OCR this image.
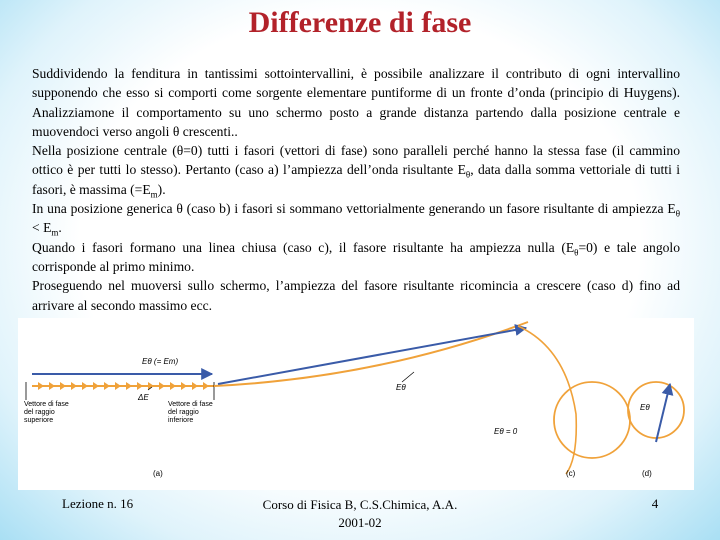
Differenze di fase

Suddividendo la fenditura in tantissimi sottointervallini, è possibile analizzare il contributo di ogni intervallino supponendo che esso si comporti come sorgente elementare puntiforme di un fronte d’onda (principio di Huygens). Analizziamone il comportamento su uno schermo posto a grande distanza partendo dalla posizione centrale e muovendoci verso angoli θ crescenti..

Nella posizione centrale (θ=0) tutti i fasori (vettori di fase) sono paralleli perché hanno la stessa fase (il cammino ottico è per tutti lo stesso). Pertanto (caso a) l’ampiezza dell’onda risultante $E_\theta$, data dalla somma vettoriale di tutti i fasori, è massima $(=E_m)$.

In una posizione generica θ (caso b) i fasori si sommano vettorialmente generando un fasore risultante di ampiezza $E_\theta < E_m$.

Quando i fasori formano una linea chiusa (caso c), il fasore risultante ha ampiezza nulla $(E_\theta=0)$ e tale angolo corrisponde al primo minimo.

Proseguendo nel muoversi sullo schermo, l’ampiezza del fasore risultante ricomincia a crescere (caso d) fino ad arrivare al secondo massimo ecc.

Eθ (= Em)
Vettore di fase
del raggio
superiore
Vettore di fase
del raggio
inferiore
ΔE
(a)
Eθ
Eθ = 0
(c)
Eθ
(d)
Lezione n. 16	Corso di Fisica B, C.S.Chimica, A.A.
2001-02
4
